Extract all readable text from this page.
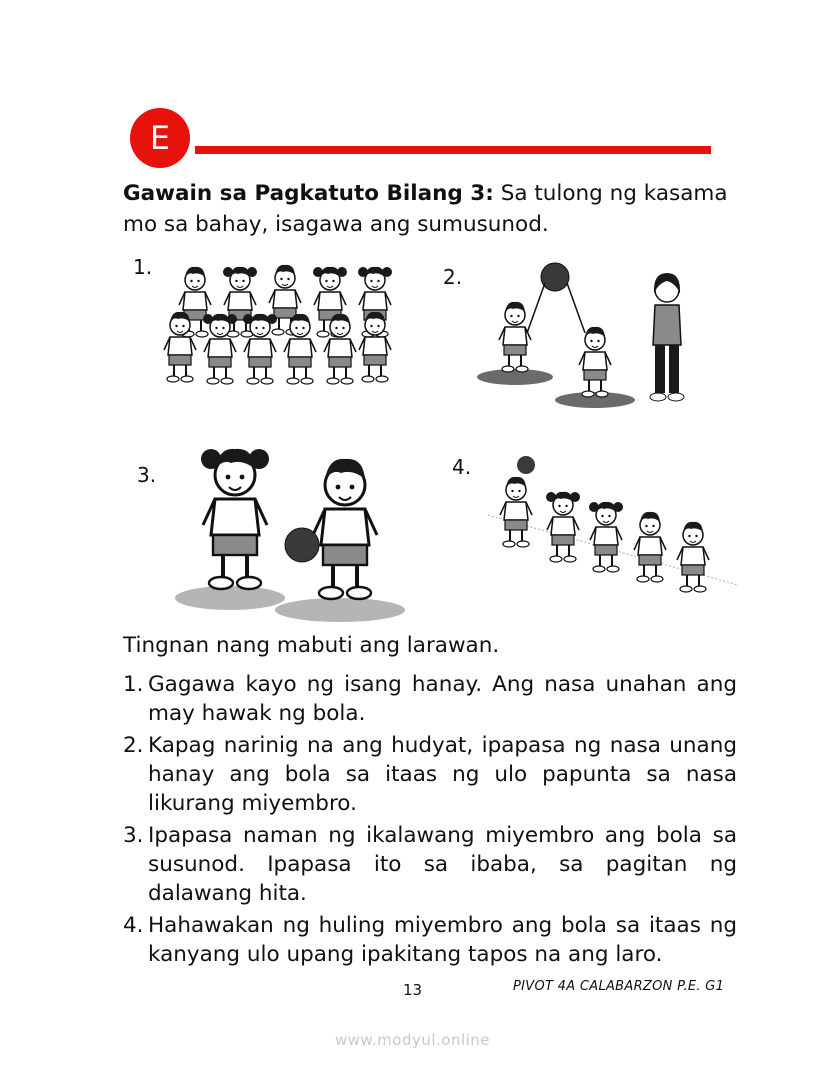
E
Gawain sa Pagkatuto Bilang 3: Sa tulong ng kasama mo sa bahay, isagawa ang sumusunod.
1.	2.
3.	4.
Tingnan nang mabuti ang larawan.
1. Gagawa kayo ng isang hanay. Ang nasa unahan ang may hawak ng bola.
2. Kapag narinig na ang hudyat, ipapasa ng nasa unang hanay ang bola sa itaas ng ulo papunta sa nasa likurang miyembro.
3. Ipapasa naman ng ikalawang miyembro ang bola sa susunod. Ipapasa ito sa ibaba, sa pagitan ng dalawang hita.
4. Hahawakan ng huling miyembro ang bola sa itaas ng kanyang ulo upang ipakitang tapos na ang laro.
13	PIVOT 4A CALABARZON P.E. G1
www.modyul.online
